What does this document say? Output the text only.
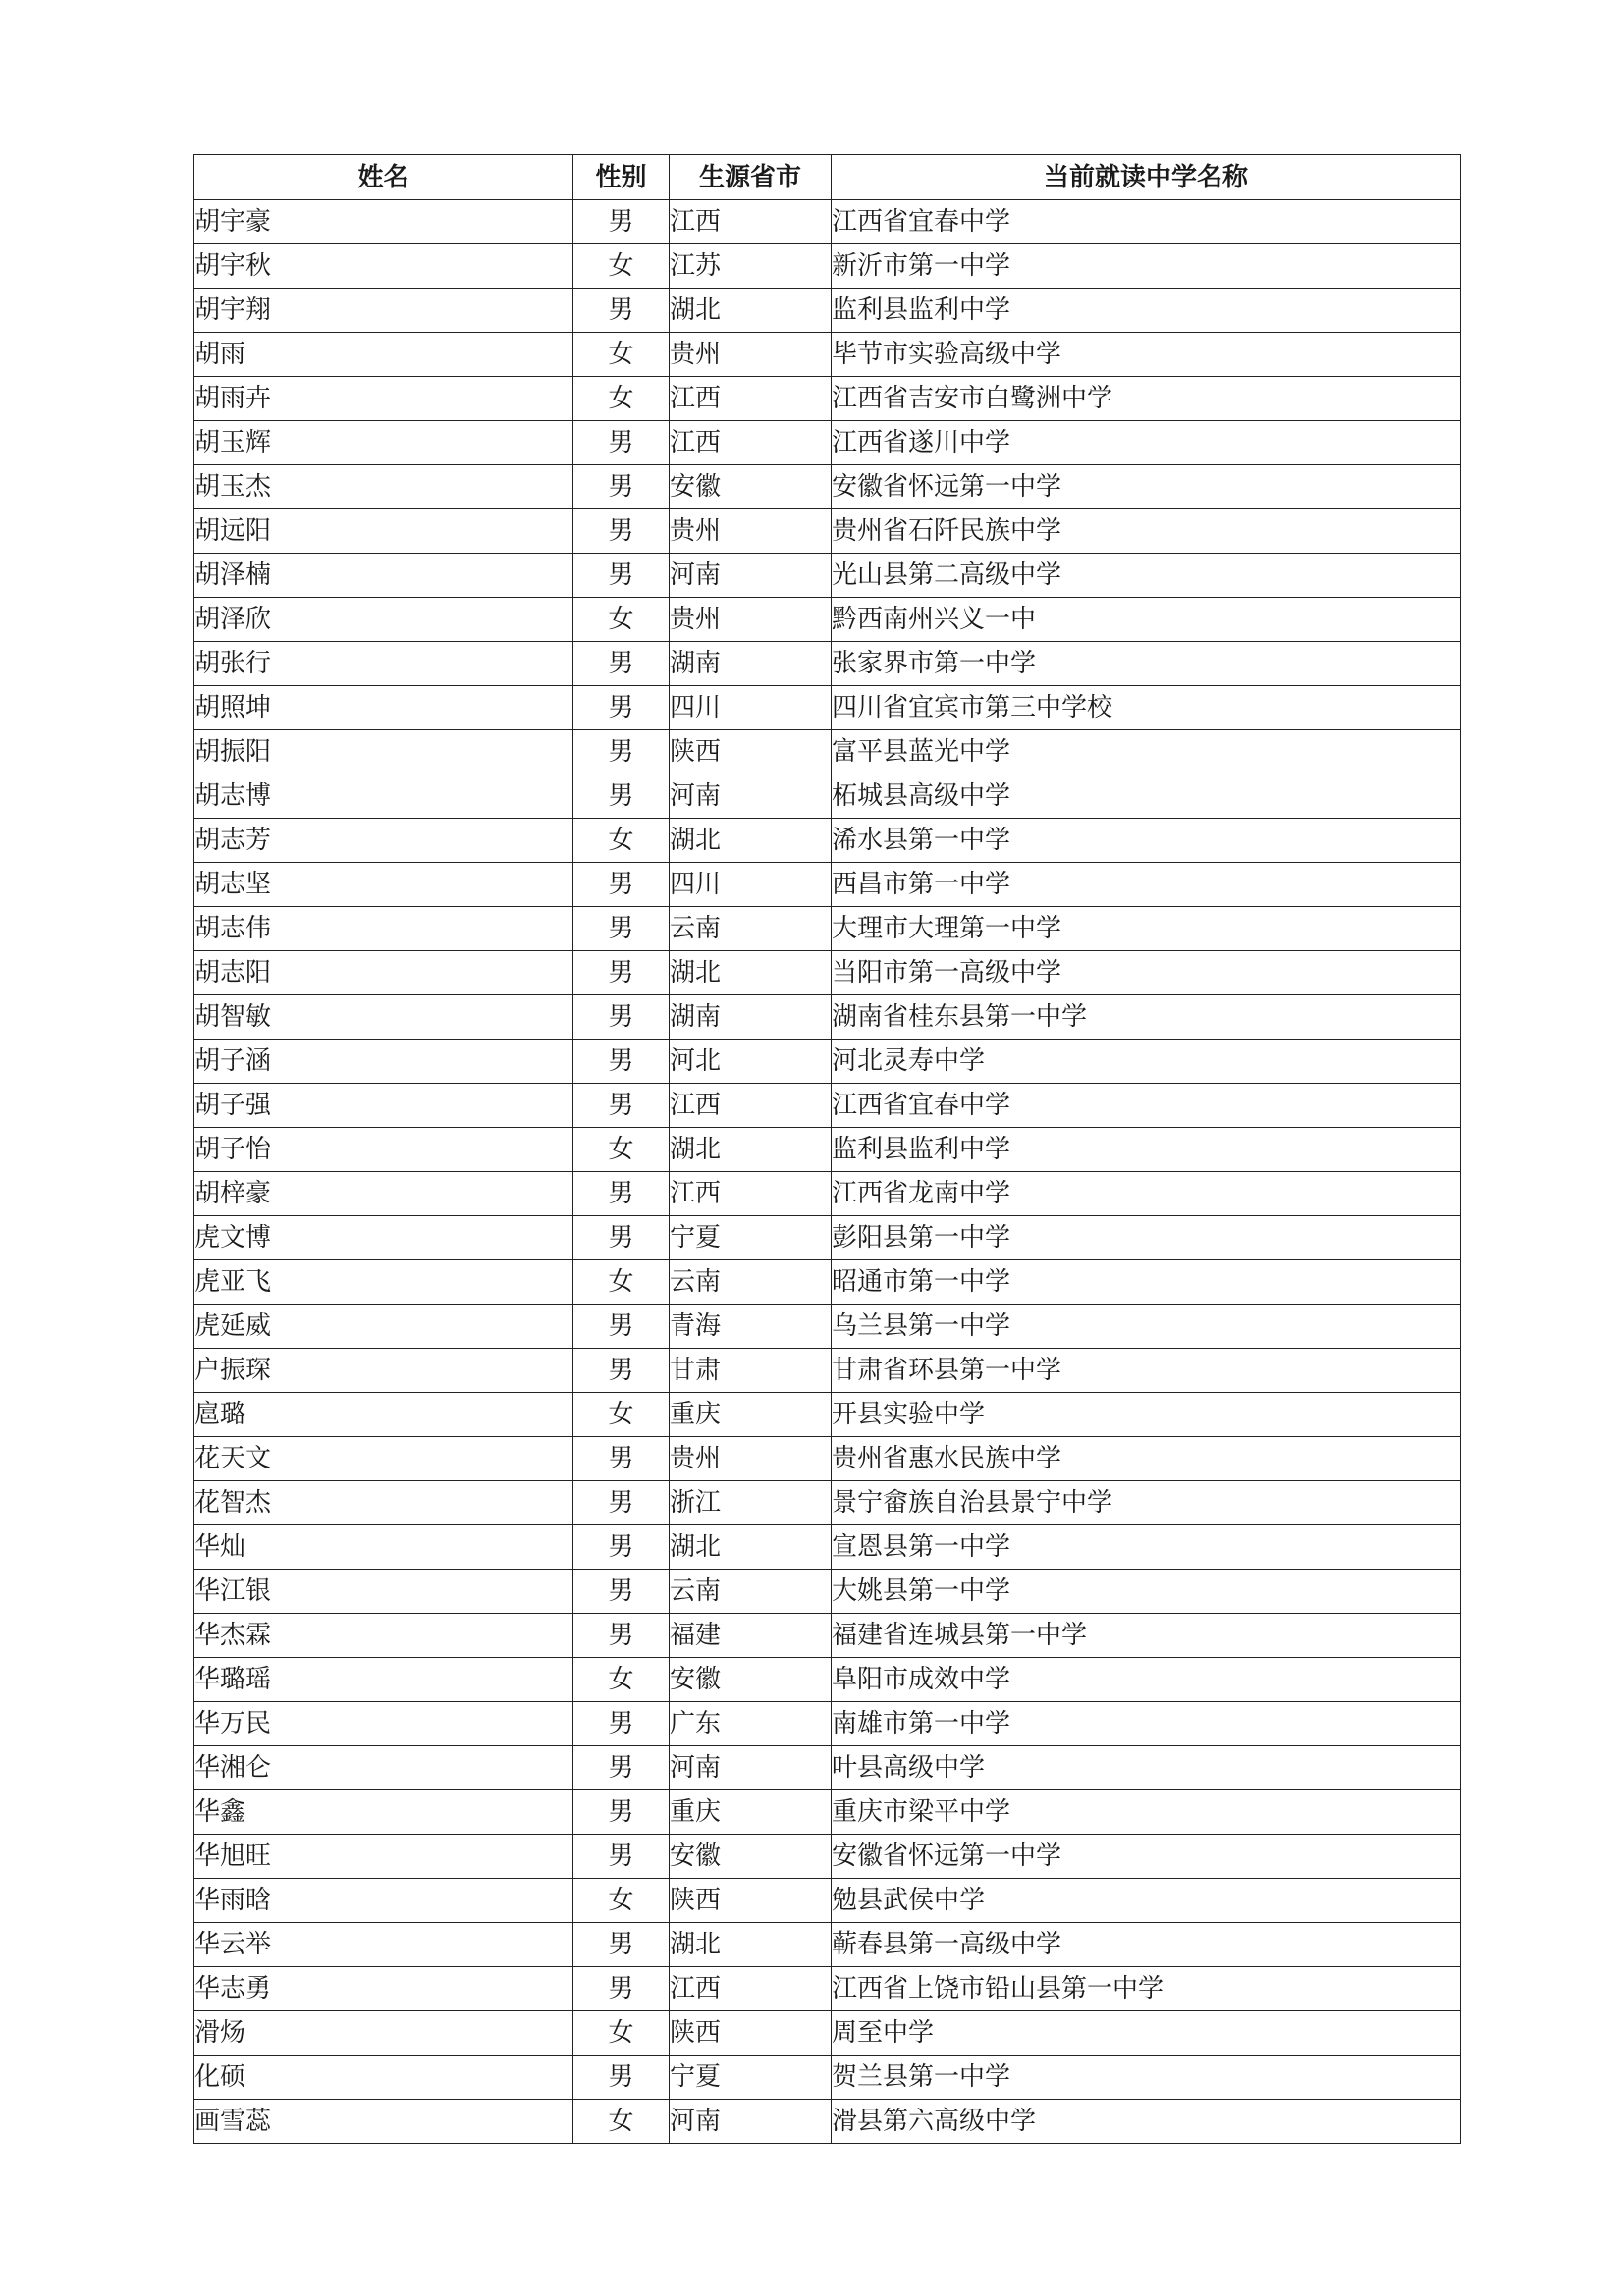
姓名	性别	生源省市	当前就读中学名称
胡宇豪	男	江西	江西省宜春中学
胡宇秋	女	江苏	新沂市第一中学
胡宇翔	男	湖北	监利县监利中学
胡雨	女	贵州	毕节市实验高级中学
胡雨卉	女	江西	江西省吉安市白鹭洲中学
胡玉辉	男	江西	江西省遂川中学
胡玉杰	男	安徽	安徽省怀远第一中学
胡远阳	男	贵州	贵州省石阡民族中学
胡泽楠	男	河南	光山县第二高级中学
胡泽欣	女	贵州	黔西南州兴义一中
胡张行	男	湖南	张家界市第一中学
胡照坤	男	四川	四川省宜宾市第三中学校
胡振阳	男	陕西	富平县蓝光中学
胡志博	男	河南	柘城县高级中学
胡志芳	女	湖北	浠水县第一中学
胡志坚	男	四川	西昌市第一中学
胡志伟	男	云南	大理市大理第一中学
胡志阳	男	湖北	当阳市第一高级中学
胡智敏	男	湖南	湖南省桂东县第一中学
胡子涵	男	河北	河北灵寿中学
胡子强	男	江西	江西省宜春中学
胡子怡	女	湖北	监利县监利中学
胡梓豪	男	江西	江西省龙南中学
虎文博	男	宁夏	彭阳县第一中学
虎亚飞	女	云南	昭通市第一中学
虎延威	男	青海	乌兰县第一中学
户振琛	男	甘肃	甘肃省环县第一中学
扈璐	女	重庆	开县实验中学
花天文	男	贵州	贵州省惠水民族中学
花智杰	男	浙江	景宁畲族自治县景宁中学
华灿	男	湖北	宣恩县第一中学
华江银	男	云南	大姚县第一中学
华杰霖	男	福建	福建省连城县第一中学
华璐瑶	女	安徽	阜阳市成效中学
华万民	男	广东	南雄市第一中学
华湘仑	男	河南	叶县高级中学
华鑫	男	重庆	重庆市梁平中学
华旭旺	男	安徽	安徽省怀远第一中学
华雨晗	女	陕西	勉县武侯中学
华云举	男	湖北	蕲春县第一高级中学
华志勇	男	江西	江西省上饶市铅山县第一中学
滑炀	女	陕西	周至中学
化硕	男	宁夏	贺兰县第一中学
画雪蕊	女	河南	滑县第六高级中学
